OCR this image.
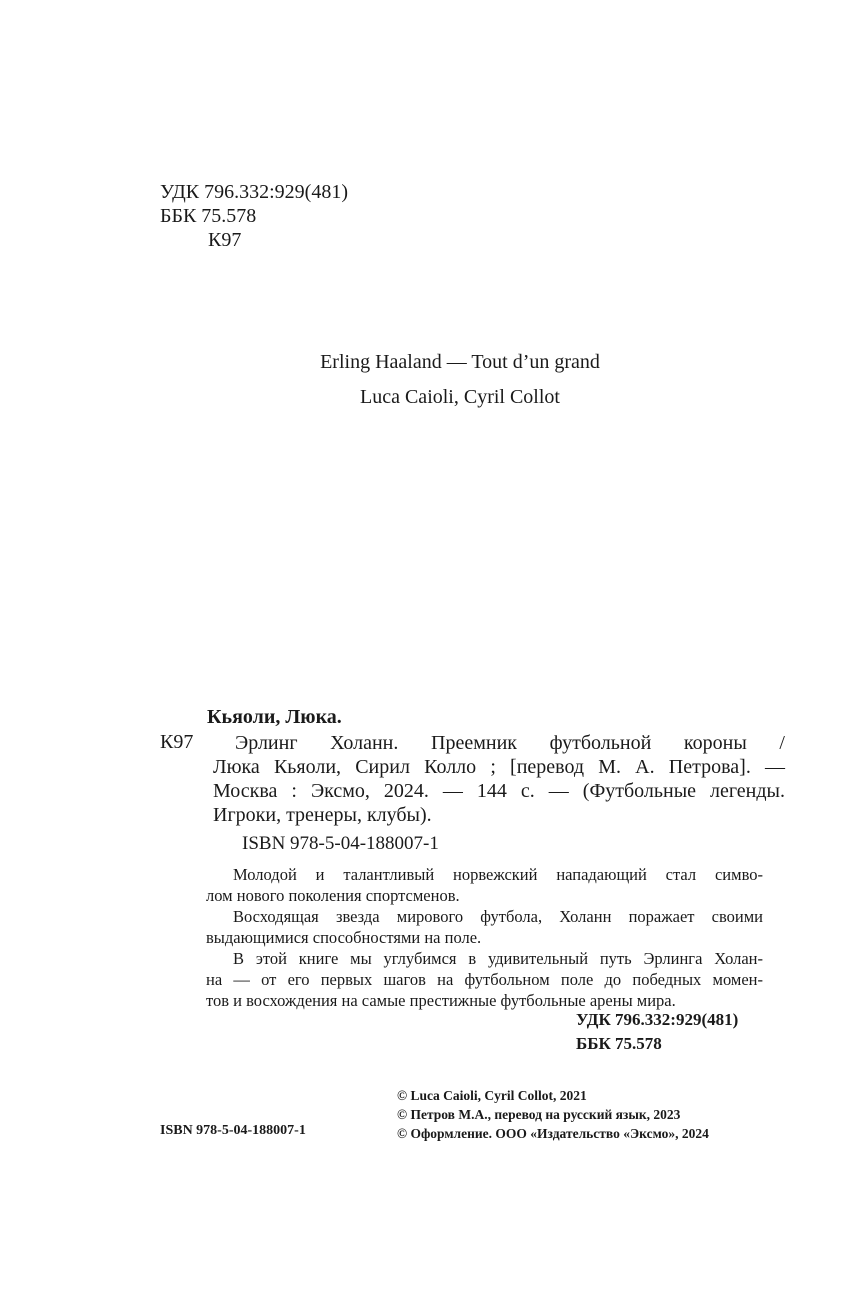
УДК 796.332:929(481)
ББК 75.578
К97
Erling Haaland — Tout d’un grand
Luca Caioli, Cyril Collot
Кьяоли, Люка.
К97	Эрлинг Холанн. Преемник футбольной короны /
Люка Кьяоли, Сирил Колло ; [перевод М. А. Петрова]. —
Москва : Эксмо, 2024. — 144 с. — (Футбольные легенды.
Игроки, тренеры, клубы).
ISBN 978-5-04-188007-1
Молодой и талантливый норвежский нападающий стал симво-
лом нового поколения спортсменов.
Восходящая звезда мирового футбола, Холанн поражает своими
выдающимися способностями на поле.
В этой книге мы углубимся в удивительный путь Эрлинга Холан-
на — от его первых шагов на футбольном поле до победных момен-
тов и восхождения на самые престижные футбольные арены мира.
УДК 796.332:929(481)
ББК 75.578
© Luca Caioli, Cyril Collot, 2021
© Петров М.А., перевод на русский язык, 2023
© Оформление. ООО «Издательство «Эксмо», 2024
ISBN 978-5-04-188007-1
